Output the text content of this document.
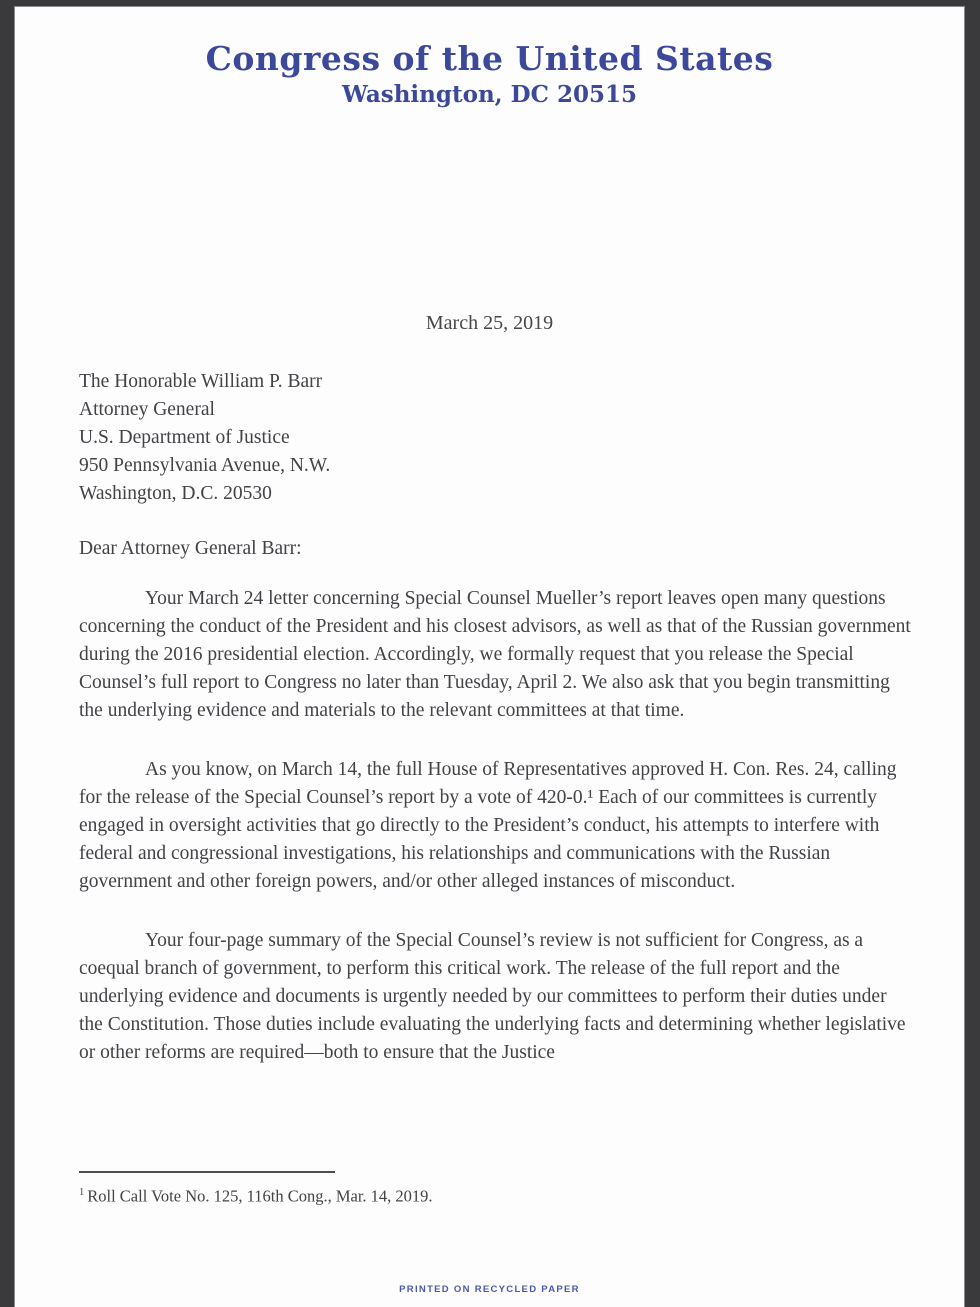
Congress of the United States
Washington, DC 20515
March 25, 2019
The Honorable William P. Barr
Attorney General
U.S. Department of Justice
950 Pennsylvania Avenue, N.W.
Washington, D.C. 20530
Dear Attorney General Barr:

Your March 24 letter concerning Special Counsel Mueller’s report leaves open many questions concerning the conduct of the President and his closest advisors, as well as that of the Russian government during the 2016 presidential election. Accordingly, we formally request that you release the Special Counsel’s full report to Congress no later than Tuesday, April 2. We also ask that you begin transmitting the underlying evidence and materials to the relevant committees at that time.

As you know, on March 14, the full House of Representatives approved H. Con. Res. 24, calling for the release of the Special Counsel’s report by a vote of 420-0.¹ Each of our committees is currently engaged in oversight activities that go directly to the President’s conduct, his attempts to interfere with federal and congressional investigations, his relationships and communications with the Russian government and other foreign powers, and/or other alleged instances of misconduct.

Your four-page summary of the Special Counsel’s review is not sufficient for Congress, as a coequal branch of government, to perform this critical work. The release of the full report and the underlying evidence and documents is urgently needed by our committees to perform their duties under the Constitution. Those duties include evaluating the underlying facts and determining whether legislative or other reforms are required—both to ensure that the Justice

$^1$ Roll Call Vote No. 125, 116th Cong., Mar. 14, 2019.
PRINTED ON RECYCLED PAPER
